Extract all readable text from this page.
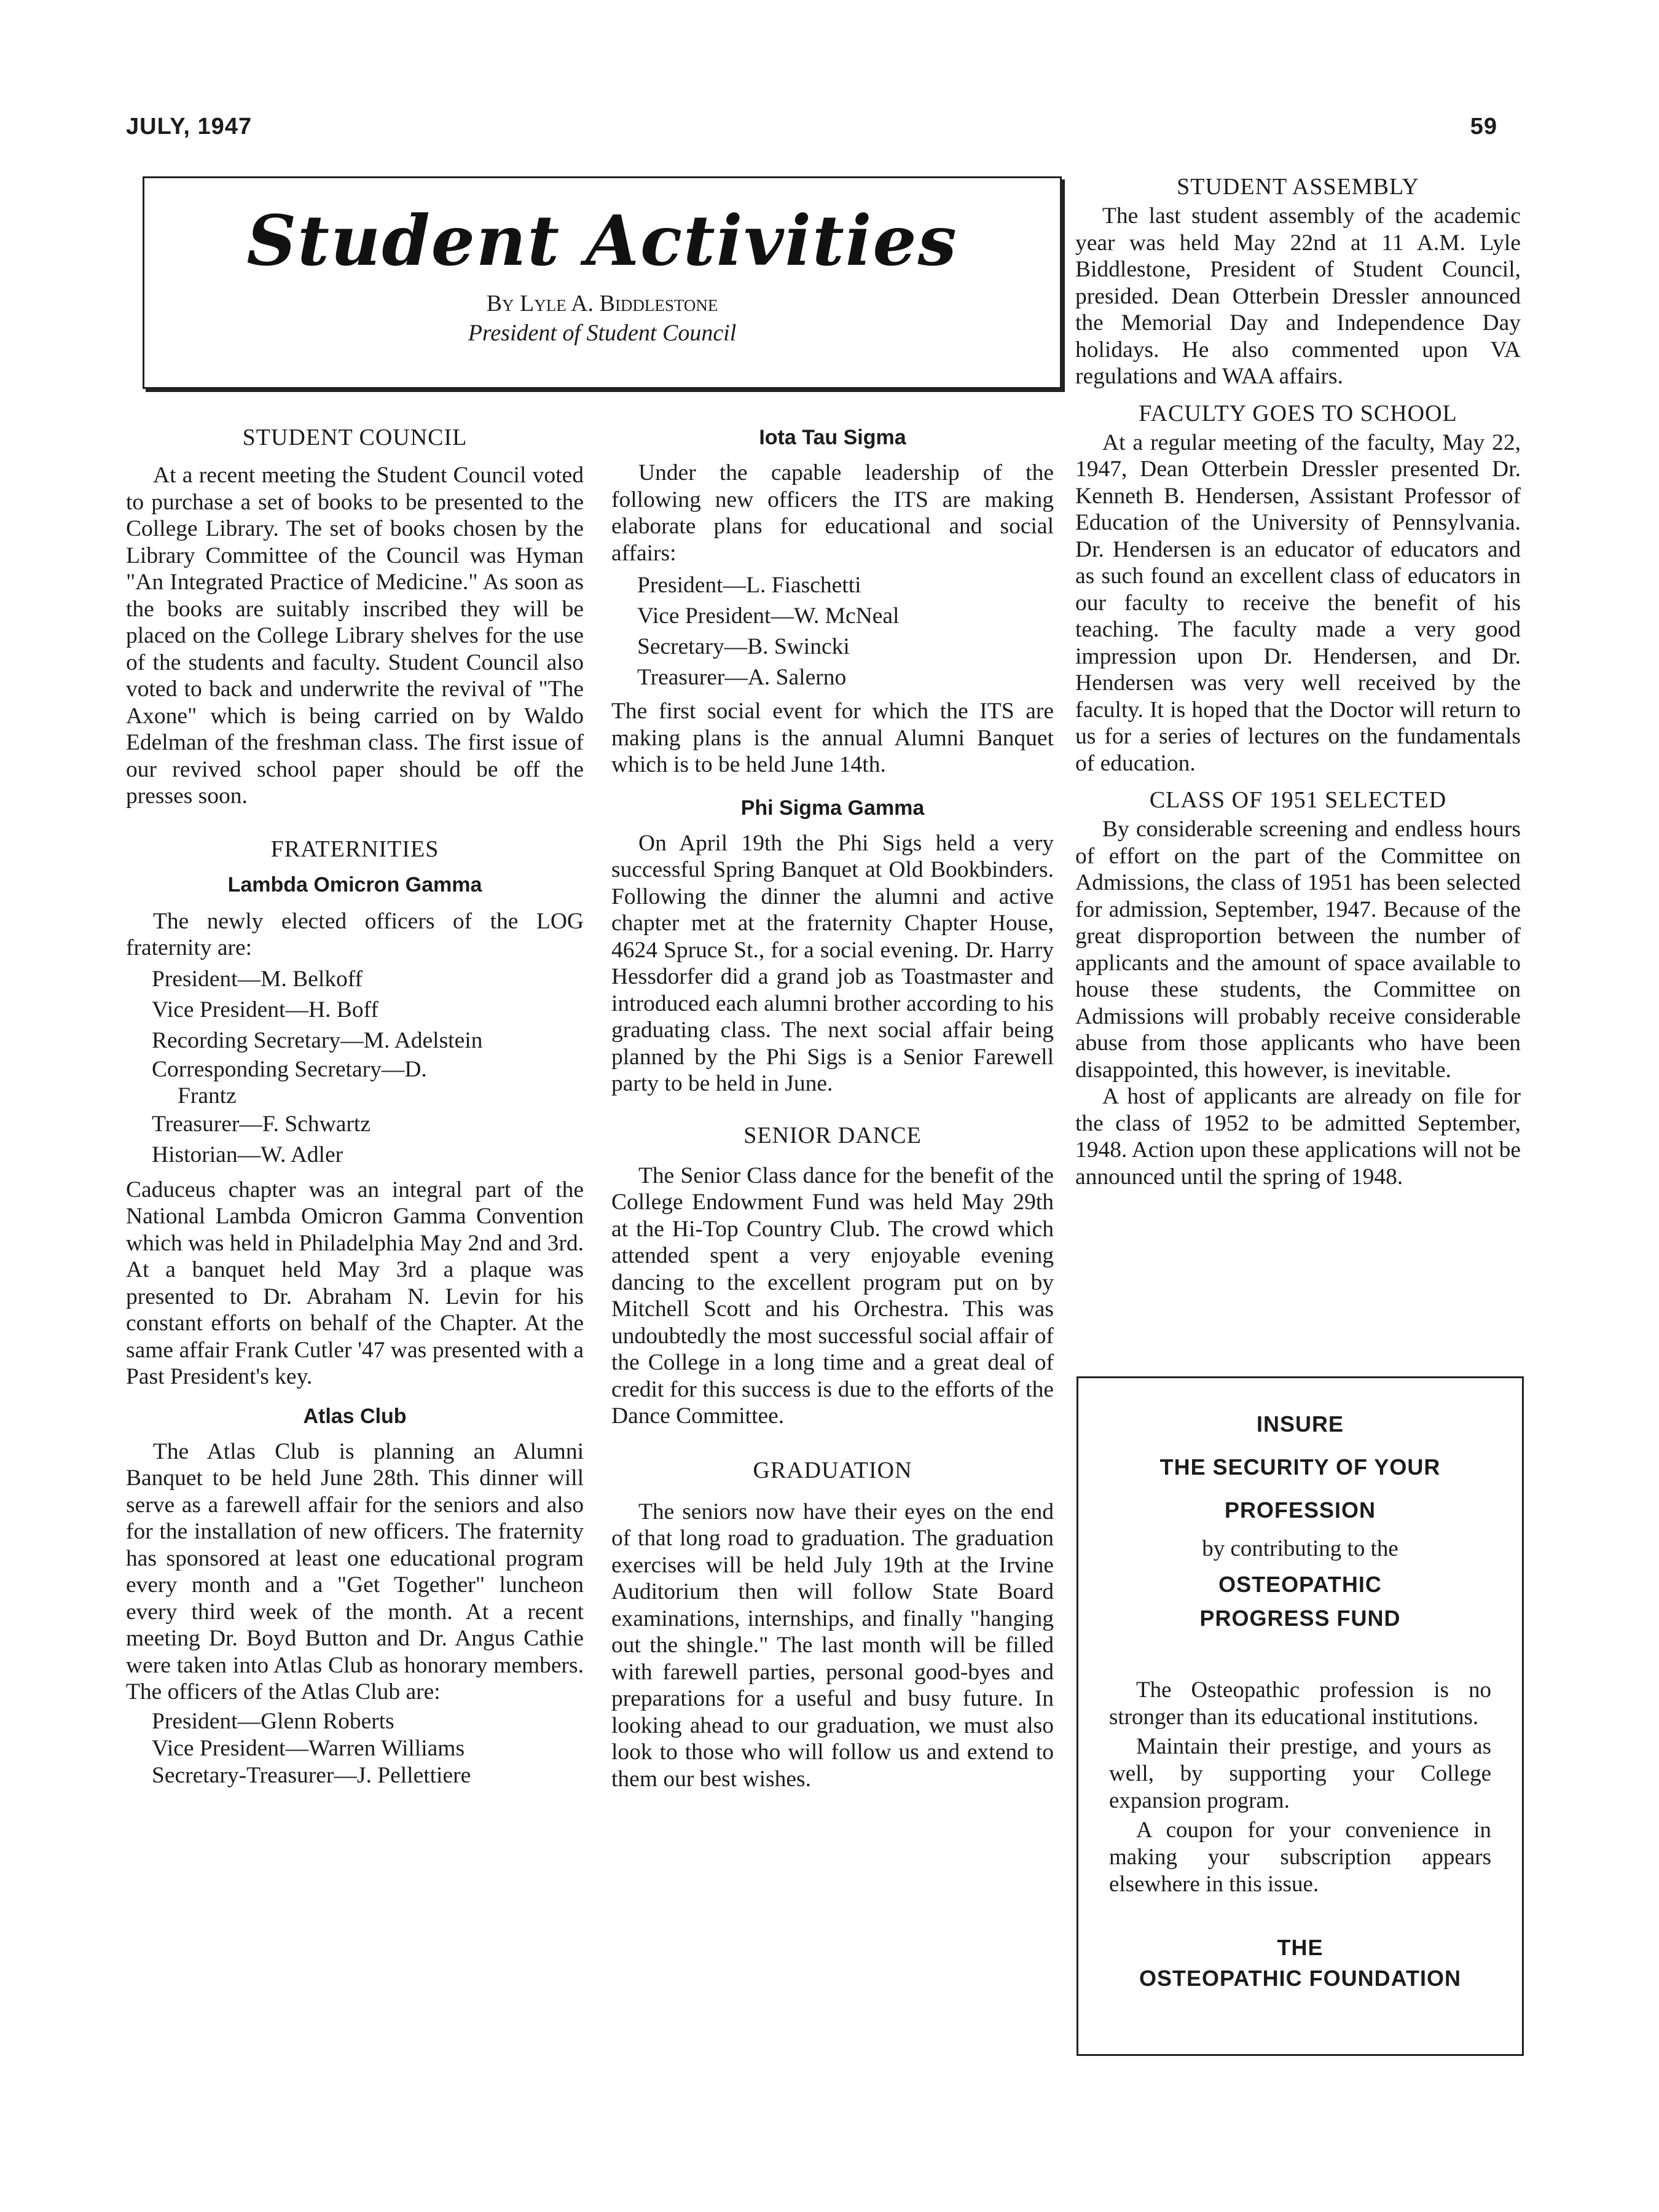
JULY, 1947	59
Student Activities
By Lyle A. Biddlestone
President of Student Council
STUDENT COUNCIL

At a recent meeting the Student Council voted to purchase a set of books to be presented to the College Library. The set of books chosen by the Library Committee of the Council was Hyman "An Integrated Practice of Medicine." As soon as the books are suitably inscribed they will be placed on the College Library shelves for the use of the students and faculty. Student Council also voted to back and underwrite the revival of "The Axone" which is being carried on by Waldo Edelman of the freshman class. The first issue of our revived school paper should be off the presses soon.

FRATERNITIES
Lambda Omicron Gamma

The newly elected officers of the LOG fraternity are:

President—M. Belkoff
Vice President—H. Boff
Recording Secretary—M. Adelstein
Corresponding Secretary—D.
Frantz
Treasurer—F. Schwartz
Historian—W. Adler

Caduceus chapter was an integral part of the National Lambda Omicron Gamma Convention which was held in Philadelphia May 2nd and 3rd. At a banquet held May 3rd a plaque was presented to Dr. Abraham N. Levin for his constant efforts on behalf of the Chapter. At the same affair Frank Cutler '47 was presented with a Past President's key.

Atlas Club

The Atlas Club is planning an Alumni Banquet to be held June 28th. This dinner will serve as a farewell affair for the seniors and also for the installation of new officers. The fraternity has sponsored at least one educational program every month and a "Get Together" luncheon every third week of the month. At a recent meeting Dr. Boyd Button and Dr. Angus Cathie were taken into Atlas Club as honorary members. The officers of the Atlas Club are:

President—Glenn Roberts
Vice President—Warren Williams
Secretary-Treasurer—J. Pellettiere
Iota Tau Sigma

Under the capable leadership of the following new officers the ITS are making elaborate plans for educational and social affairs:

President—L. Fiaschetti
Vice President—W. McNeal
Secretary—B. Swincki
Treasurer—A. Salerno

The first social event for which the ITS are making plans is the annual Alumni Banquet which is to be held June 14th.

Phi Sigma Gamma

On April 19th the Phi Sigs held a very successful Spring Banquet at Old Bookbinders. Following the dinner the alumni and active chapter met at the fraternity Chapter House, 4624 Spruce St., for a social evening. Dr. Harry Hessdorfer did a grand job as Toastmaster and introduced each alumni brother according to his graduating class. The next social affair being planned by the Phi Sigs is a Senior Farewell party to be held in June.

SENIOR DANCE

The Senior Class dance for the benefit of the College Endowment Fund was held May 29th at the Hi-Top Country Club. The crowd which attended spent a very enjoyable evening dancing to the excellent program put on by Mitchell Scott and his Orchestra. This was undoubtedly the most successful social affair of the College in a long time and a great deal of credit for this success is due to the efforts of the Dance Committee.

GRADUATION

The seniors now have their eyes on the end of that long road to graduation. The graduation exercises will be held July 19th at the Irvine Auditorium then will follow State Board examinations, internships, and finally "hanging out the shingle." The last month will be filled with farewell parties, personal good-byes and preparations for a useful and busy future. In looking ahead to our graduation, we must also look to those who will follow us and extend to them our best wishes.

STUDENT ASSEMBLY

The last student assembly of the academic year was held May 22nd at 11 A.M. Lyle Biddlestone, President of Student Council, presided. Dean Otterbein Dressler announced the Memorial Day and Independence Day holidays. He also commented upon VA regulations and WAA affairs.

FACULTY GOES TO SCHOOL

At a regular meeting of the faculty, May 22, 1947, Dean Otterbein Dressler presented Dr. Kenneth B. Hendersen, Assistant Professor of Education of the University of Pennsylvania. Dr. Hendersen is an educator of educators and as such found an excellent class of educators in our faculty to receive the benefit of his teaching. The faculty made a very good impression upon Dr. Hendersen, and Dr. Hendersen was very well received by the faculty. It is hoped that the Doctor will return to us for a series of lectures on the fundamentals of education.

CLASS OF 1951 SELECTED

By considerable screening and endless hours of effort on the part of the Committee on Admissions, the class of 1951 has been selected for admission, September, 1947. Because of the great disproportion between the number of applicants and the amount of space available to house these students, the Committee on Admissions will probably receive considerable abuse from those applicants who have been disappointed, this however, is inevitable.

A host of applicants are already on file for the class of 1952 to be admitted September, 1948. Action upon these applications will not be announced until the spring of 1948.

INSURE
THE SECURITY OF YOUR
PROFESSION
by contributing to the
OSTEOPATHIC
PROGRESS FUND

The Osteopathic profession is no stronger than its educational institutions.

Maintain their prestige, and yours as well, by supporting your College expansion program.

A coupon for your convenience in making your subscription appears elsewhere in this issue.

THE
OSTEOPATHIC FOUNDATION
